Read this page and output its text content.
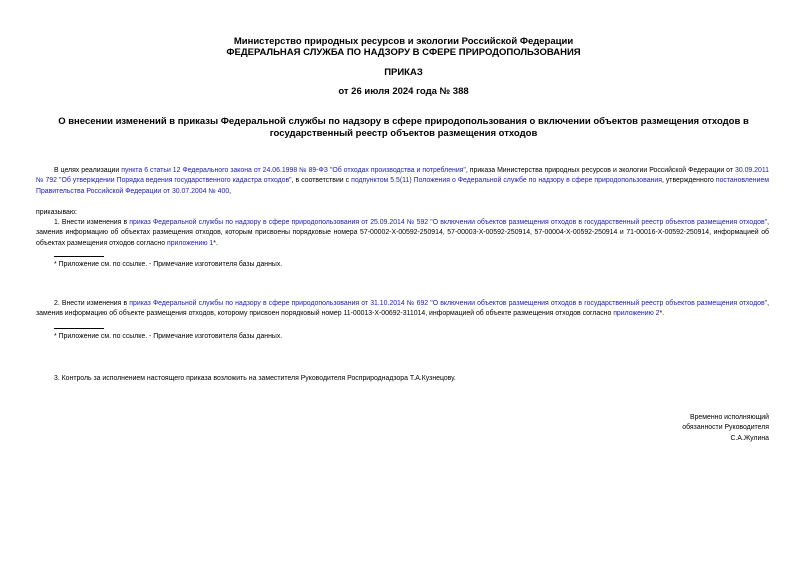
Министерство природных ресурсов и экологии Российской Федерации
ФЕДЕРАЛЬНАЯ СЛУЖБА ПО НАДЗОРУ В СФЕРЕ ПРИРОДОПОЛЬЗОВАНИЯ
ПРИКАЗ
от 26 июля 2024 года № 388
О внесении изменений в приказы Федеральной службы по надзору в сфере природопользования о включении объектов размещения отходов в государственный реестр объектов размещения отходов
В целях реализации пункта 6 статьи 12 Федерального закона от 24.06.1998 № 89-ФЗ "Об отходах производства и потребления", приказа Министерства природных ресурсов и экологии Российской Федерации от 30.09.2011 № 792 "Об утверждении Порядка ведения государственного кадастра отходов", в соответствии с подпунктом 5.5(11) Положения о Федеральной службе по надзору в сфере природопользования, утвержденного постановлением Правительства Российской Федерации от 30.07.2004 № 400,
приказываю:
1. Внести изменения в приказ Федеральной службы по надзору в сфере природопользования от 25.09.2014 № 592 "О включении объектов размещения отходов в государственный реестр объектов размещения отходов", заменив информацию об объектах размещения отходов, которым присвоены порядковые номера 57-00002-Х-00592-250914, 57-00003-Х-00592-250914, 57-00004-Х-00592-250914 и 71-00016-Х-00592-250914, информацией об объектах размещения отходов согласно приложению 1*.
* Приложение см. по ссылке. - Примечание изготовителя базы данных.
2. Внести изменения в приказ Федеральной службы по надзору в сфере природопользования от 31.10.2014 № 692 "О включении объектов размещения отходов в государственный реестр объектов размещения отходов", заменив информацию об объекте размещения отходов, которому присвоен порядковый номер 11-00013-Х-00692-311014, информацией об объекте размещения отходов согласно приложению 2*.
* Приложение см. по ссылке. - Примечание изготовителя базы данных.
3. Контроль за исполнением настоящего приказа возложить на заместителя Руководителя Росприроднадзора Т.А.Кузнецову.
Временно исполняющий
обязанности Руководителя
С.А.Жулина
